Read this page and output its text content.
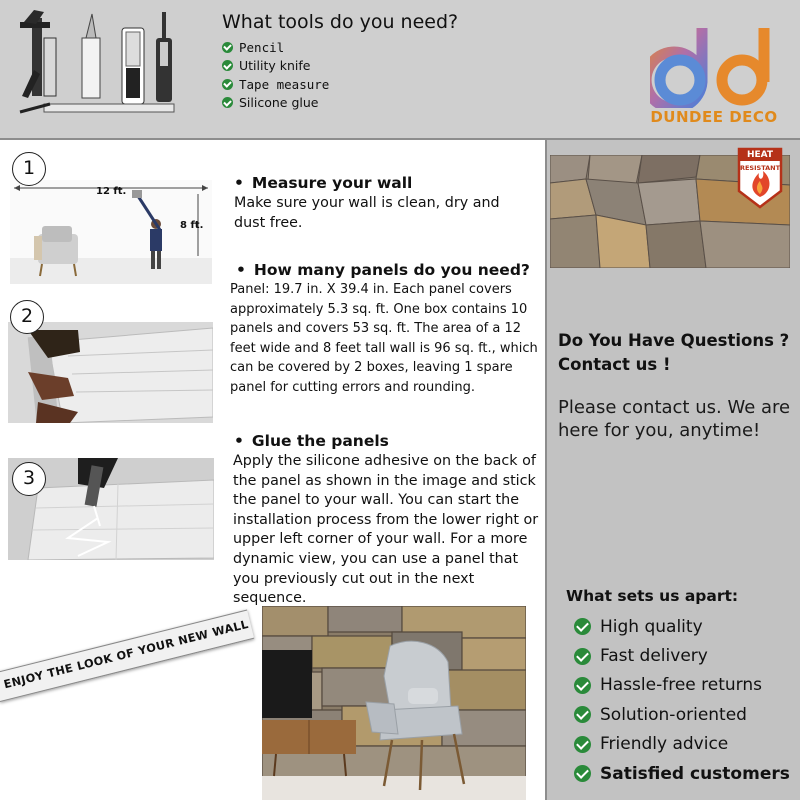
What tools do you need?
Pencil
Utility knife
Tape measure
Silicone glue
DUNDEE DECO
1
12 ft.
8 ft.
2
3
• Measure your wall
Make sure your wall is clean, dry and dust free.
• How many panels do you need?
Panel: 19.7 in. X 39.4 in. Each panel covers approximately 5.3 sq. ft. One box contains 10 panels and covers 53 sq. ft. The area of a 12 feet wide and 8 feet tall wall is 96 sq. ft., which can be covered by 2 boxes, leaving 1 spare panel for cutting errors and rounding.
• Glue the panels
Apply the silicone adhesive on the back of the panel as shown in the image and stick the panel to your wall. You can start the installation process from the lower right or upper left corner of your wall. For a more dynamic view, you can use a panel that you previously cut out in the next sequence.
HEAT
RESISTANT
Do You Have Questions ? Contact us !
Please contact us. We are here for you, anytime!
What sets us apart:
High quality
Fast delivery
Hassle-free returns
Solution-oriented
Friendly advice
Satisfied customers
ENJOY THE LOOK OF YOUR NEW WALL
